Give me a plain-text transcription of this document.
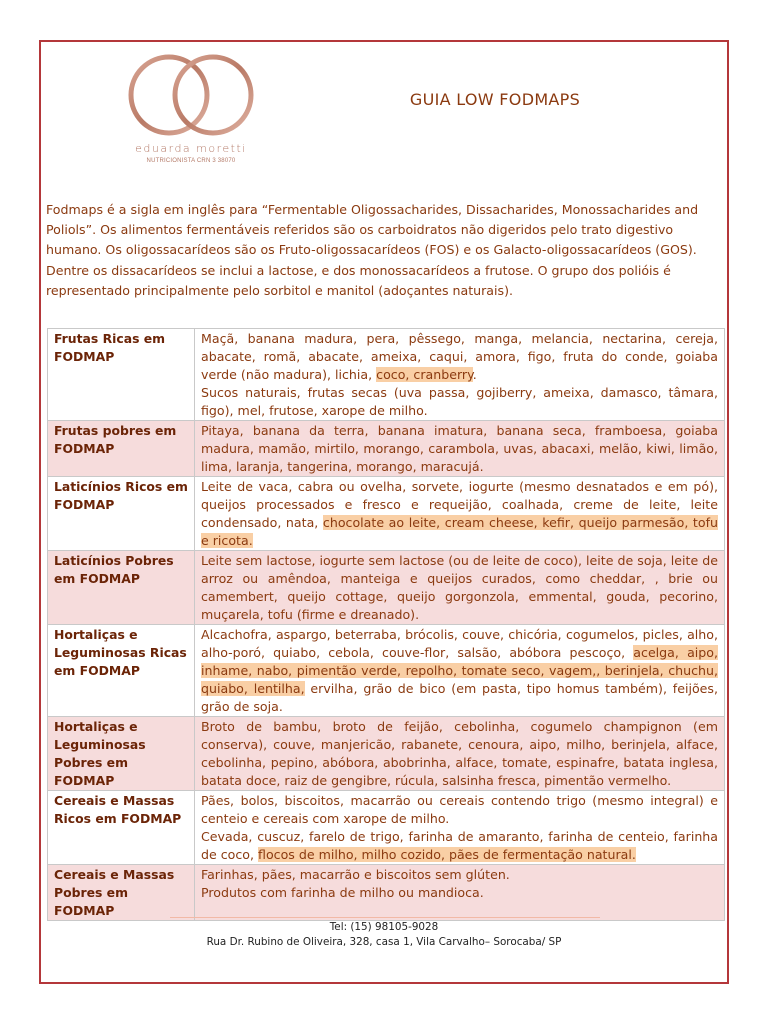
eduarda moretti
NUTRICIONISTA CRN 3 38070
GUIA LOW FODMAPS

Fodmaps é a sigla em inglês para “Fermentable Oligossacharides, Dissacharides, Monossacharides and Poliols”. Os alimentos fermentáveis referidos são os carboidratos não digeridos pelo trato digestivo humano. Os oligossacarídeos são os Fruto-oligossacarídeos (FOS) e os Galacto-oligossacarídeos (GOS). Dentre os dissacarídeos se inclui a lactose, e dos monossacarídeos a frutose. O grupo dos polióis é representado principalmente pelo sorbitol e manitol (adoçantes naturais).

Frutas Ricas em FODMAP	Maçã, banana madura, pera, pêssego, manga, melancia, nectarina, cereja, abacate, romã, abacate, ameixa, caqui, amora, figo, fruta do conde, goiaba verde (não madura), lichia, coco, cranberry.
Sucos naturais, frutas secas (uva passa, gojiberry, ameixa, damasco, tâmara, figo), mel, frutose, xarope de milho.

Frutas pobres em FODMAP	Pitaya, banana da terra, banana imatura, banana seca, framboesa, goiaba madura, mamão, mirtilo, morango, carambola, uvas, abacaxi, melão, kiwi, limão, lima, laranja, tangerina, morango, maracujá.

Laticínios Ricos em FODMAP	Leite de vaca, cabra ou ovelha, sorvete, iogurte (mesmo desnatados e em pó), queijos processados e fresco e requeijão, coalhada, creme de leite, leite condensado, nata, chocolate ao leite, cream cheese, kefir, queijo parmesão, tofu e ricota.

Laticínios Pobres em FODMAP	Leite sem lactose, iogurte sem lactose (ou de leite de coco), leite de soja, leite de arroz ou amêndoa, manteiga e queijos curados, como cheddar, , brie ou camembert, queijo cottage, queijo gorgonzola, emmental, gouda, pecorino, muçarela, tofu (firme e dreanado).

Hortaliças e Leguminosas Ricas em FODMAP	Alcachofra, aspargo, beterraba, brócolis, couve, chicória, cogumelos, picles, alho, alho-poró, quiabo, cebola, couve-flor, salsão, abóbora pescoço, acelga, aipo, inhame, nabo, pimentão verde, repolho, tomate seco, vagem,, berinjela, chuchu, quiabo, lentilha, ervilha, grão de bico (em pasta, tipo homus também), feijões, grão de soja.

Hortaliças e Leguminosas Pobres em FODMAP	Broto de bambu, broto de feijão, cebolinha, cogumelo champignon (em conserva), couve, manjericão, rabanete, cenoura, aipo, milho, berinjela, alface, cebolinha, pepino, abóbora, abobrinha, alface, tomate, espinafre, batata inglesa, batata doce, raiz de gengibre, rúcula, salsinha fresca, pimentão vermelho.

Cereais e Massas Ricos em FODMAP	Pães, bolos, biscoitos, macarrão ou cereais contendo trigo (mesmo integral) e centeio e cereais com xarope de milho.
Cevada, cuscuz, farelo de trigo, farinha de amaranto, farinha de centeio, farinha de coco, flocos de milho, milho cozido, pães de fermentação natural.

Cereais e Massas Pobres em FODMAP	Farinhas, pães, macarrão e biscoitos sem glúten.
Produtos com farinha de milho ou mandioca.
Tel: (15) 98105-9028
Rua Dr. Rubino de Oliveira, 328, casa 1, Vila Carvalho– Sorocaba/ SP
